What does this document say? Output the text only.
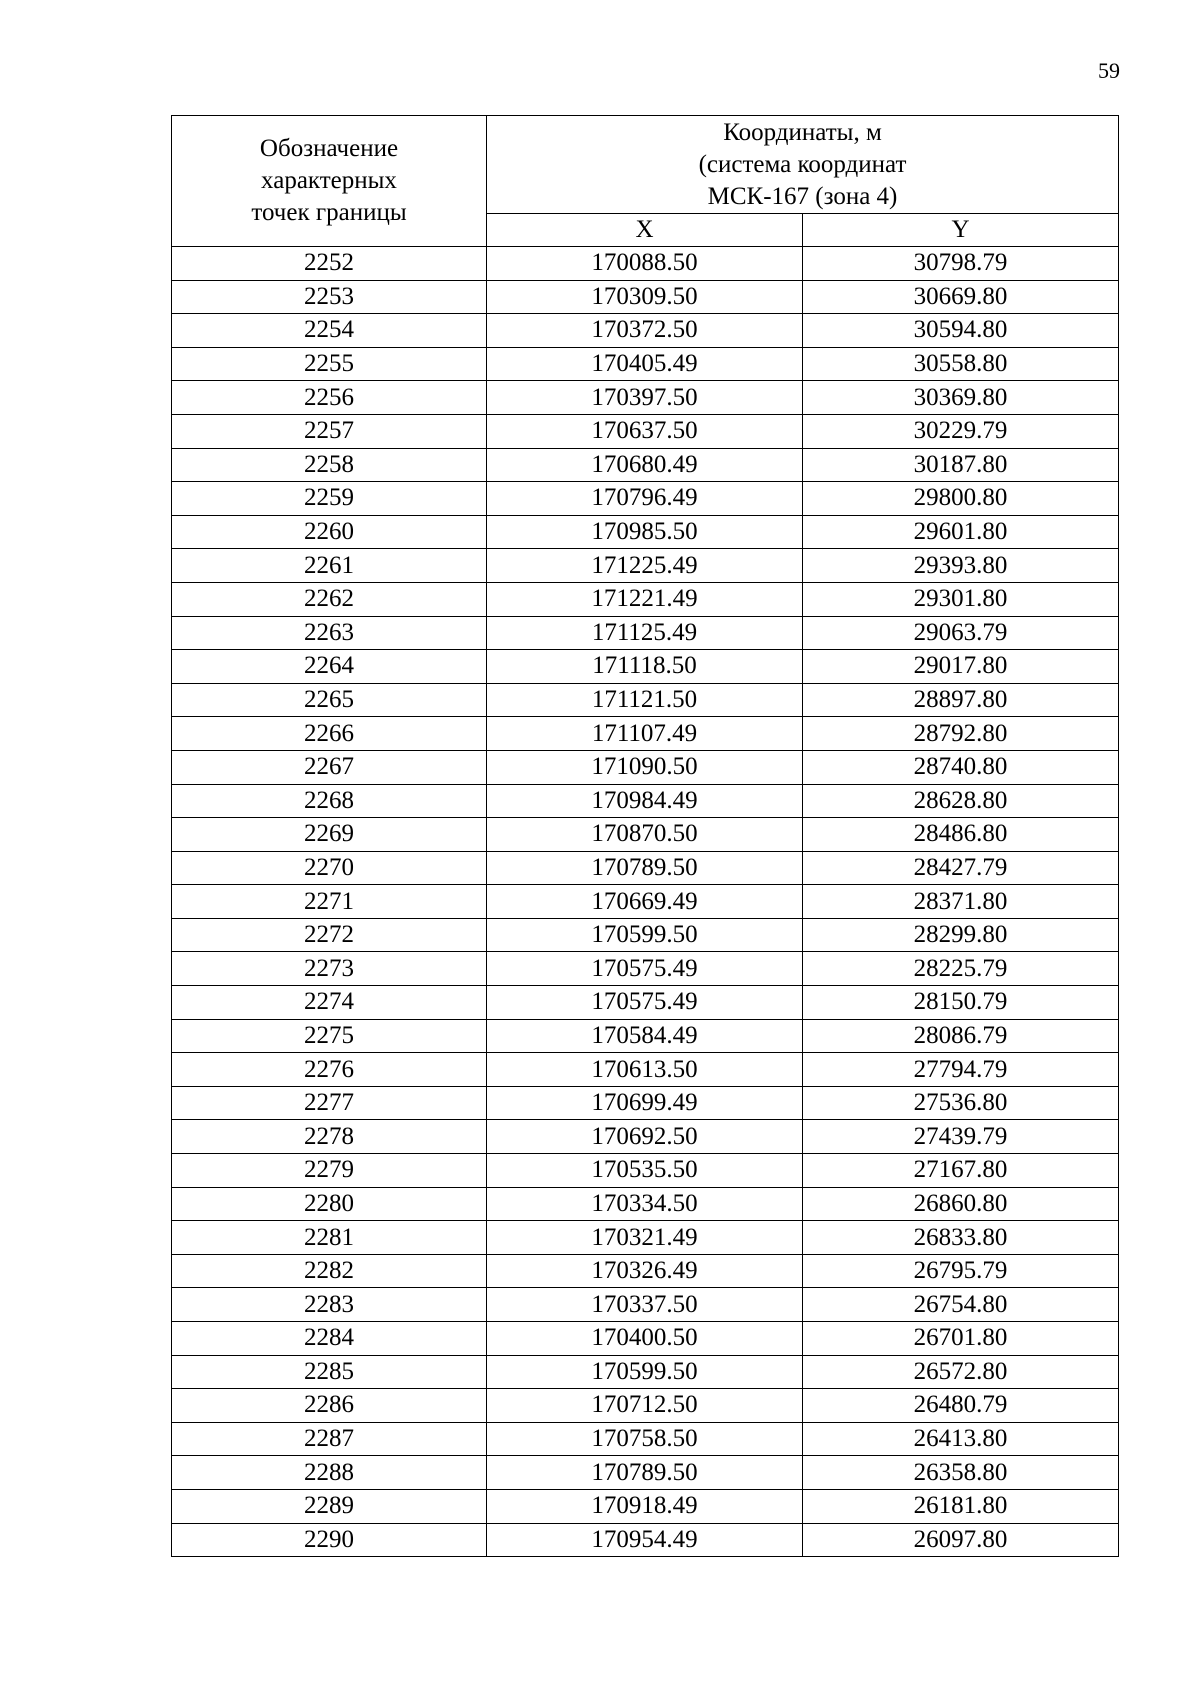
59
Обозначение
характерных
точек границы	Координаты, м
(система координат
МСК-167 (зона 4)	

	X	Y
2252	170088.50	30798.79
2253	170309.50	30669.80
2254	170372.50	30594.80
2255	170405.49	30558.80
2256	170397.50	30369.80
2257	170637.50	30229.79
2258	170680.49	30187.80
2259	170796.49	29800.80
2260	170985.50	29601.80
2261	171225.49	29393.80
2262	171221.49	29301.80
2263	171125.49	29063.79
2264	171118.50	29017.80
2265	171121.50	28897.80
2266	171107.49	28792.80
2267	171090.50	28740.80
2268	170984.49	28628.80
2269	170870.50	28486.80
2270	170789.50	28427.79
2271	170669.49	28371.80
2272	170599.50	28299.80
2273	170575.49	28225.79
2274	170575.49	28150.79
2275	170584.49	28086.79
2276	170613.50	27794.79
2277	170699.49	27536.80
2278	170692.50	27439.79
2279	170535.50	27167.80
2280	170334.50	26860.80
2281	170321.49	26833.80
2282	170326.49	26795.79
2283	170337.50	26754.80
2284	170400.50	26701.80
2285	170599.50	26572.80
2286	170712.50	26480.79
2287	170758.50	26413.80
2288	170789.50	26358.80
2289	170918.49	26181.80
2290	170954.49	26097.80
